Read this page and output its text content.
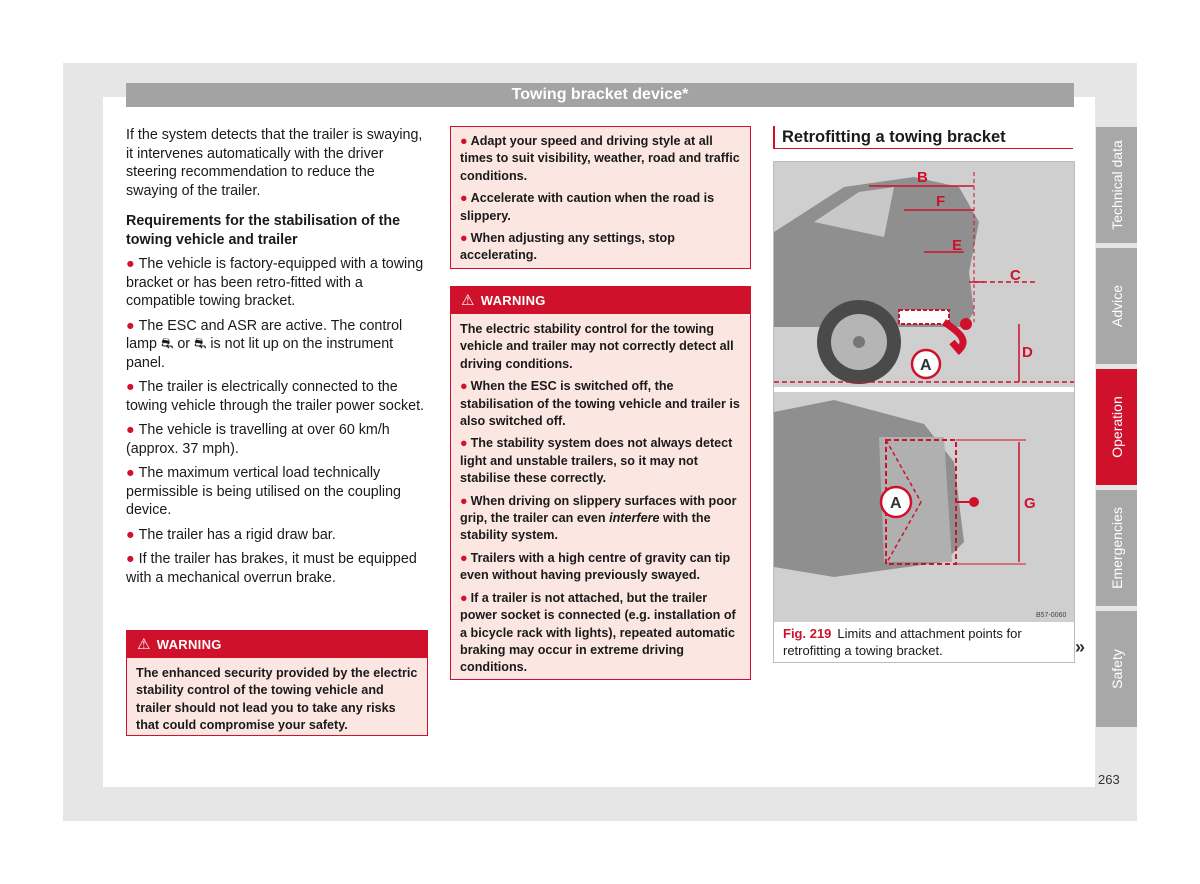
Towing bracket device*

If the system detects that the trailer is swaying, it intervenes automatically with the driver steering recommendation to reduce the swaying of the trailer.

Requirements for the stabilisation of the towing vehicle and trailer
● The vehicle is factory-equipped with a towing bracket or has been retro-fitted with a compatible towing bracket.
● The ESC and ASR are active. The control lamp ⛐ or ⛐ is not lit up on the instrument panel.
● The trailer is electrically connected to the towing vehicle through the trailer power socket.
● The vehicle is travelling at over 60 km/h (approx. 37 mph).
● The maximum vertical load technically permissible is being utilised on the coupling device.
● The trailer has a rigid draw bar.
● If the trailer has brakes, it must be equipped with a mechanical overrun brake.
⚠ WARNING
The enhanced security provided by the electric stability control of the towing vehicle and trailer should not lead you to take any risks that could compromise your safety.

● Adapt your speed and driving style at all times to suit visibility, weather, road and traffic conditions.

● Accelerate with caution when the road is slippery.

● When adjusting any settings, stop accelerating.

⚠ WARNING

The electric stability control for the towing vehicle and trailer may not correctly detect all driving conditions.

● When the ESC is switched off, the stabilisation of the towing vehicle and trailer is also switched off.

● The stability system does not always detect light and unstable trailers, so it may not stabilise these correctly.

● When driving on slippery surfaces with poor grip, the trailer can even interfere with the stability system.

● Trailers with a high centre of gravity can tip even without having previously swayed.

● If a trailer is not attached, but the trailer power socket is connected (e.g. installation of a bicycle rack with lights), repeated automatic braking may occur in extreme driving conditions.

Retrofitting a towing bracket
B
F
E
C
D
A
G
A
B57-0060
Fig. 219 Limits and attachment points for retrofitting a towing bracket.	»
Technical data
Advice
Operation
Emergencies
Safety
263
